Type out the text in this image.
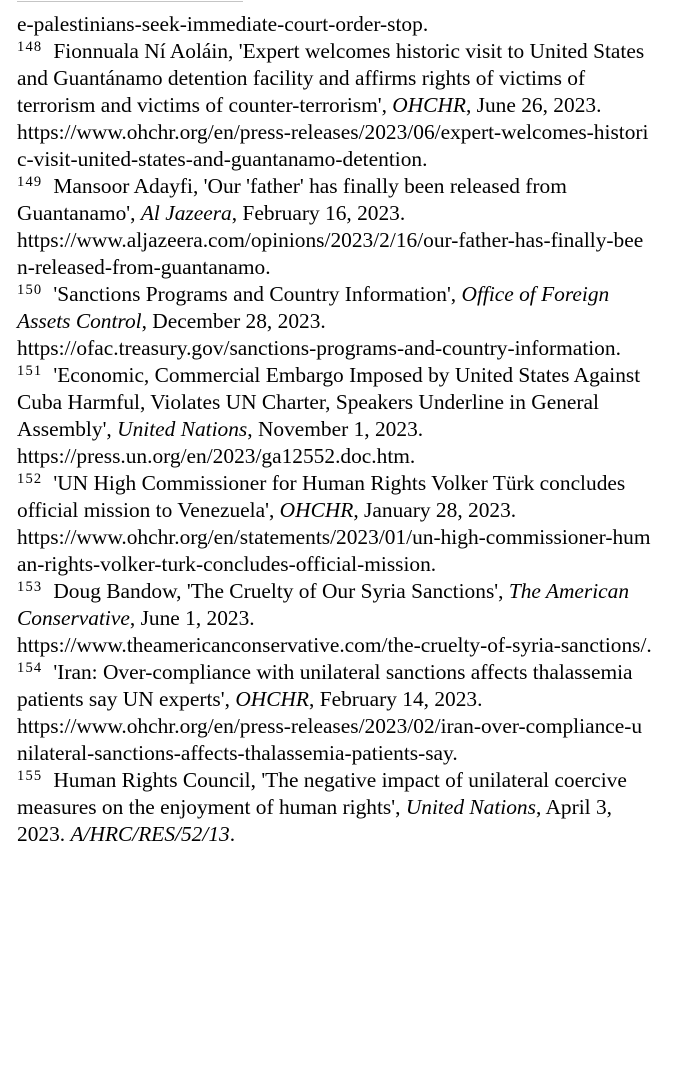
e-palestinians-seek-immediate-court-order-stop.
148 Fionnuala Ní Aoláin, 'Expert welcomes historic visit to United States
and Guantánamo detention facility and affirms rights of victims of
terrorism and victims of counter-terrorism', OHCHR, June 26, 2023.
https://www.ohchr.org/en/press-releases/2023/06/expert-welcomes-histori
c-visit-united-states-and-guantanamo-detention.
149 Mansoor Adayfi, 'Our 'father' has finally been released from
Guantanamo', Al Jazeera, February 16, 2023.
https://www.aljazeera.com/opinions/2023/2/16/our-father-has-finally-bee
n-released-from-guantanamo.
150 'Sanctions Programs and Country Information', Office of Foreign
Assets Control, December 28, 2023.
https://ofac.treasury.gov/sanctions-programs-and-country-information.
151 'Economic, Commercial Embargo Imposed by United States Against
Cuba Harmful, Violates UN Charter, Speakers Underline in General
Assembly', United Nations, November 1, 2023.
https://press.un.org/en/2023/ga12552.doc.htm.
152 'UN High Commissioner for Human Rights Volker Türk concludes
official mission to Venezuela', OHCHR, January 28, 2023.
https://www.ohchr.org/en/statements/2023/01/un-high-commissioner-hum
an-rights-volker-turk-concludes-official-mission.
153 Doug Bandow, 'The Cruelty of Our Syria Sanctions', The American
Conservative, June 1, 2023.
https://www.theamericanconservative.com/the-cruelty-of-syria-sanctions/.
154 'Iran: Over-compliance with unilateral sanctions affects thalassemia
patients say UN experts', OHCHR, February 14, 2023.
https://www.ohchr.org/en/press-releases/2023/02/iran-over-compliance-u
nilateral-sanctions-affects-thalassemia-patients-say.
155 Human Rights Council, 'The negative impact of unilateral coercive
measures on the enjoyment of human rights', United Nations, April 3,
2023. A/HRC/RES/52/13.
